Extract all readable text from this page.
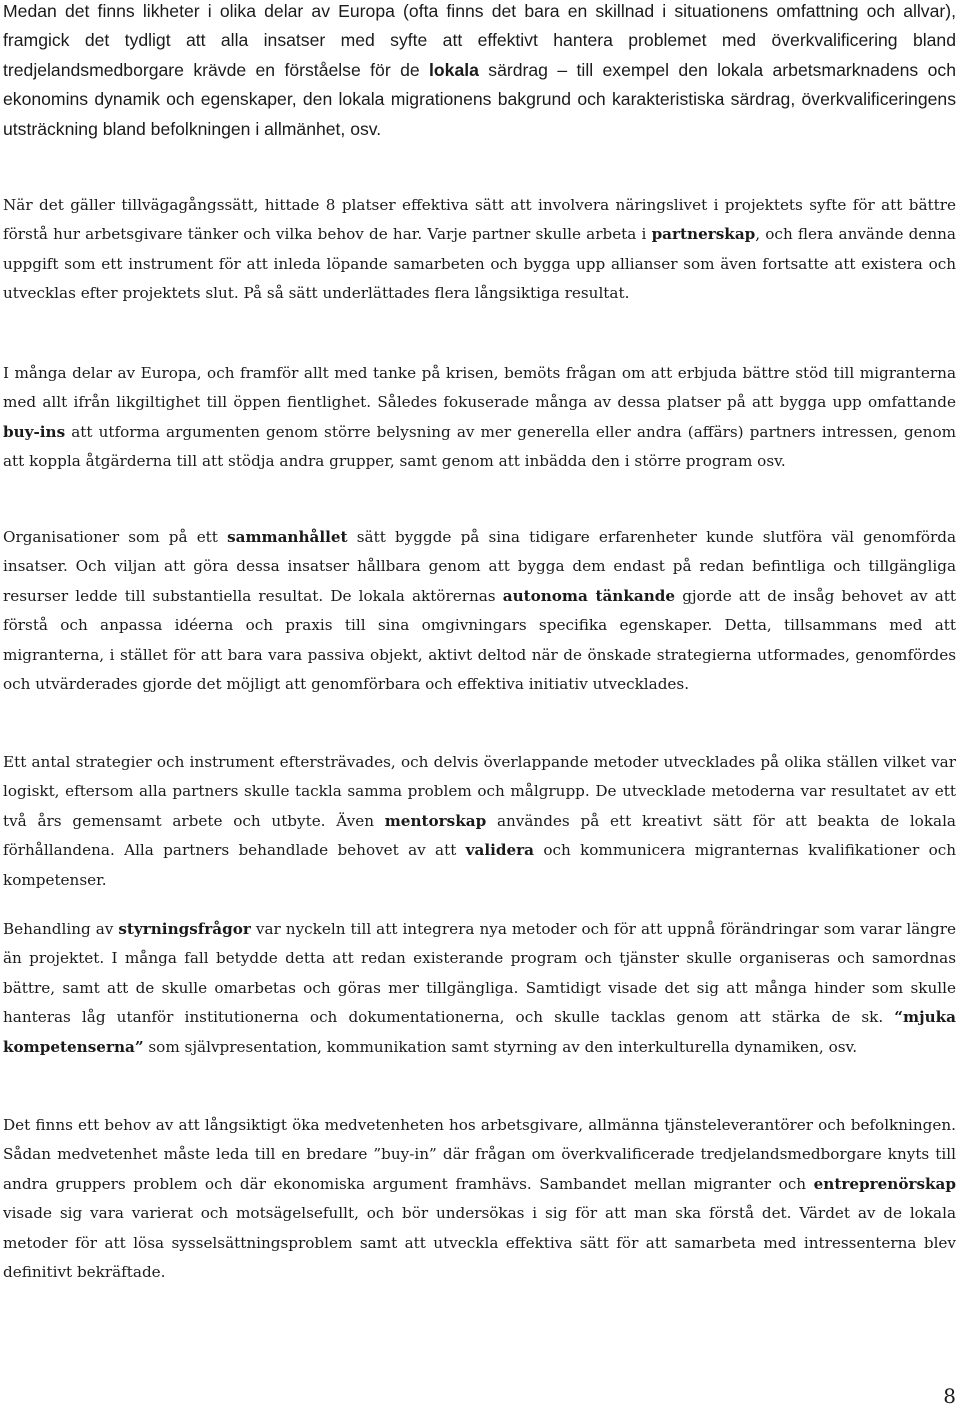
Medan det finns likheter i olika delar av Europa (ofta finns det bara en skillnad i situationens omfattning och allvar), framgick det tydligt att alla insatser med syfte att effektivt hantera problemet med överkvalificering bland tredjelandsmedborgare krävde en förståelse för de lokala särdrag – till exempel den lokala arbetsmarknadens och ekonomins dynamik och egenskaper, den lokala migrationens bakgrund och karakteristiska särdrag, överkvalificeringens utsträckning bland befolkningen i allmänhet, osv.

När det gäller tillvägagångssätt, hittade 8 platser effektiva sätt att involvera näringslivet i projektets syfte för att bättre förstå hur arbetsgivare tänker och vilka behov de har. Varje partner skulle arbeta i partnerskap, och flera använde denna uppgift som ett instrument för att inleda löpande samarbeten och bygga upp allianser som även fortsatte att existera och utvecklas efter projektets slut. På så sätt underlättades flera långsiktiga resultat.

I många delar av Europa, och framför allt med tanke på krisen, bemöts frågan om att erbjuda bättre stöd till migranterna med allt ifrån likgiltighet till öppen fientlighet. Således fokuserade många av dessa platser på att bygga upp omfattande buy-ins att utforma argumenten genom större belysning av mer generella eller andra (affärs) partners intressen, genom att koppla åtgärderna till att stödja andra grupper, samt genom att inbädda den i större program osv.

Organisationer som på ett sammanhållet sätt byggde på sina tidigare erfarenheter kunde slutföra väl genomförda insatser. Och viljan att göra dessa insatser hållbara genom att bygga dem endast på redan befintliga och tillgängliga resurser ledde till substantiella resultat. De lokala aktörernas autonoma tänkande gjorde att de insåg behovet av att förstå och anpassa idéerna och praxis till sina omgivningars specifika egenskaper. Detta, tillsammans med att migranterna, i stället för att bara vara passiva objekt, aktivt deltod när de önskade strategierna utformades, genomfördes och utvärderades gjorde det möjligt att genomförbara och effektiva initiativ utvecklades.

Ett antal strategier och instrument eftersträvades, och delvis överlappande metoder utvecklades på olika ställen vilket var logiskt, eftersom alla partners skulle tackla samma problem och målgrupp. De utvecklade metoderna var resultatet av ett två års gemensamt arbete och utbyte. Även mentorskap användes på ett kreativt sätt för att beakta de lokala förhållandena. Alla partners behandlade behovet av att validera och kommunicera migranternas kvalifikationer och kompetenser.

Behandling av styrningsfrågor var nyckeln till att integrera nya metoder och för att uppnå förändringar som varar längre än projektet. I många fall betydde detta att redan existerande program och tjänster skulle organiseras och samordnas bättre, samt att de skulle omarbetas och göras mer tillgängliga. Samtidigt visade det sig att många hinder som skulle hanteras låg utanför institutionerna och dokumentationerna, och skulle tacklas genom att stärka de sk. “mjuka kompetenserna” som självpresentation, kommunikation samt styrning av den interkulturella dynamiken, osv.

Det finns ett behov av att långsiktigt öka medvetenheten hos arbetsgivare, allmänna tjänsteleverantörer och befolkningen. Sådan medvetenhet måste leda till en bredare ”buy-in” där frågan om överkvalificerade tredjelandsmedborgare knyts till andra gruppers problem och där ekonomiska argument framhävs. Sambandet mellan migranter och entreprenörskap visade sig vara varierat och motsägelsefullt, och bör undersökas i sig för att man ska förstå det. Värdet av de lokala metoder för att lösa sysselsättningsproblem samt att utveckla effektiva sätt för att samarbeta med intressenterna blev definitivt bekräftade.

8
